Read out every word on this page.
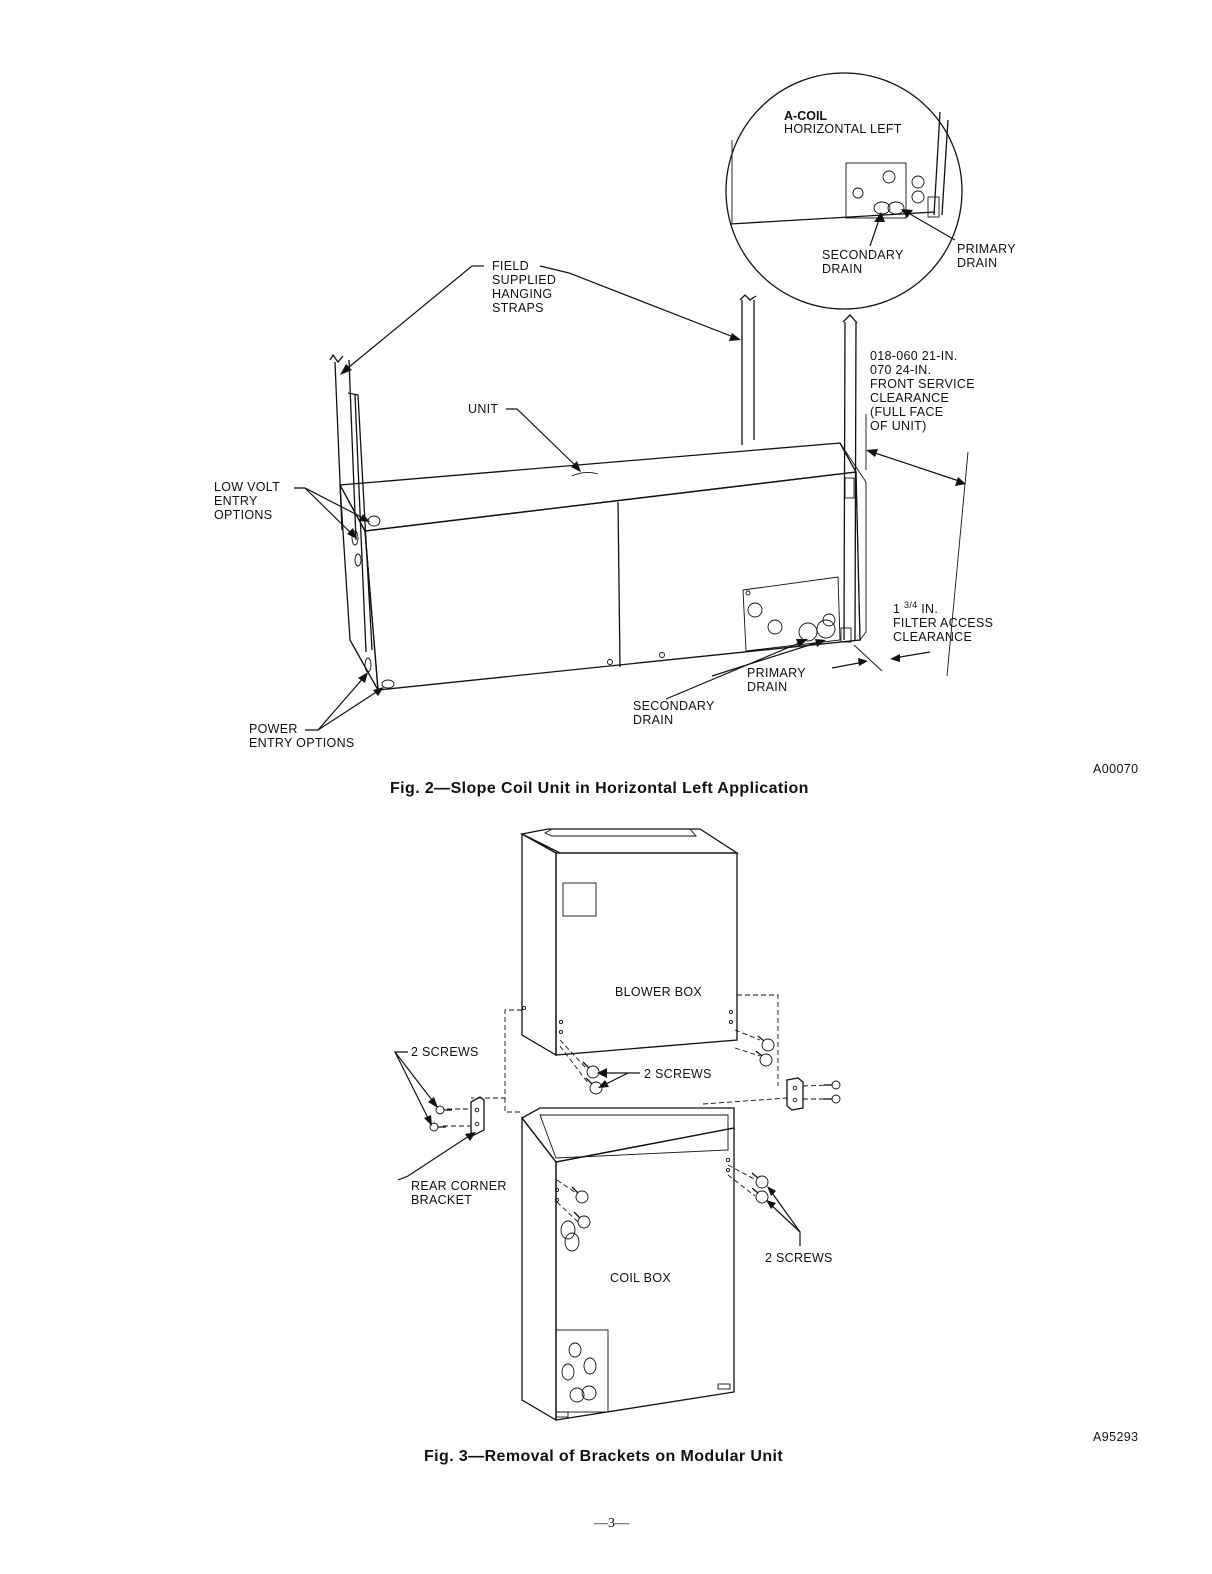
A-COIL
HORIZONTAL LEFT
SECONDARY
DRAIN
PRIMARY
DRAIN
FIELD
SUPPLIED
HANGING
STRAPS
UNIT
LOW VOLT
ENTRY
OPTIONS
POWER
ENTRY OPTIONS
018-060 21-IN.
070 24-IN.
FRONT SERVICE
CLEARANCE
(FULL FACE
OF UNIT)
1 $^{3/4}$ IN.
FILTER ACCESS
CLEARANCE
PRIMARY
DRAIN
SECONDARY
DRAIN
A00070
Fig. 2—Slope Coil Unit in Horizontal Left Application
BLOWER BOX
COIL BOX
2 SCREWS
2 SCREWS
2 SCREWS
REAR CORNER
BRACKET
A95293
Fig. 3—Removal of Brackets on Modular Unit
—3—
